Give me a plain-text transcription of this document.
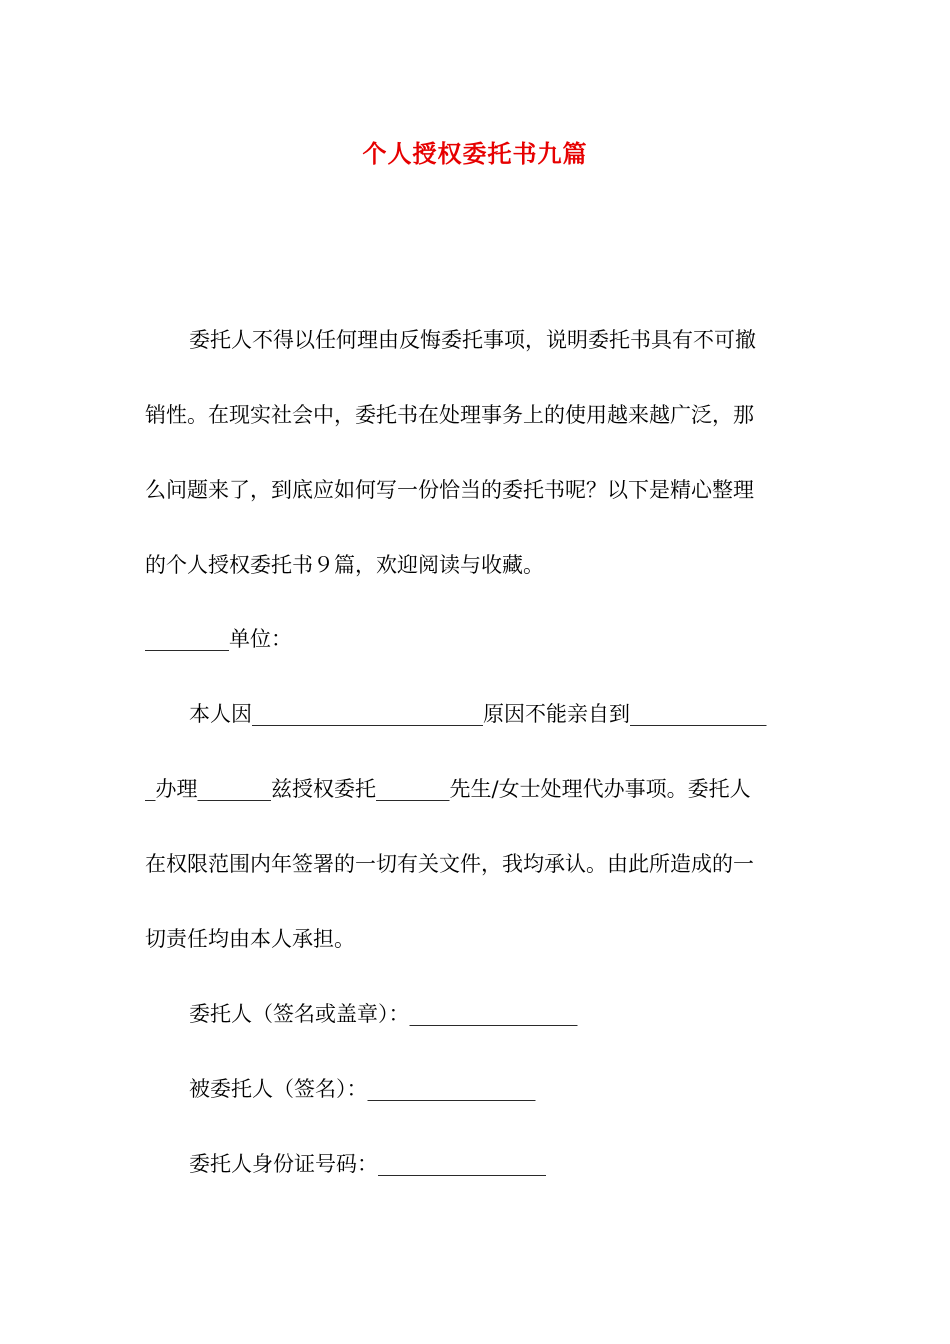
个人授权委托书九篇
委托人不得以任何理由反悔委托事项，说明委托书具有不可撤
销性。在现实社会中，委托书在处理事务上的使用越来越广泛，那
么问题来了，到底应如何写一份恰当的委托书呢？以下是精心整理
的个人授权委托书９篇，欢迎阅读与收藏。
________单位：
本人因______________________原因不能亲自到_____________
_办理_______兹授权委托_______先生/女士处理代办事项。委托人
在权限范围内年签署的一切有关文件，我均承认。由此所造成的一
切责任均由本人承担。
委托人（签名或盖章）：________________
被委托人（签名）：________________
委托人身份证号码：________________
